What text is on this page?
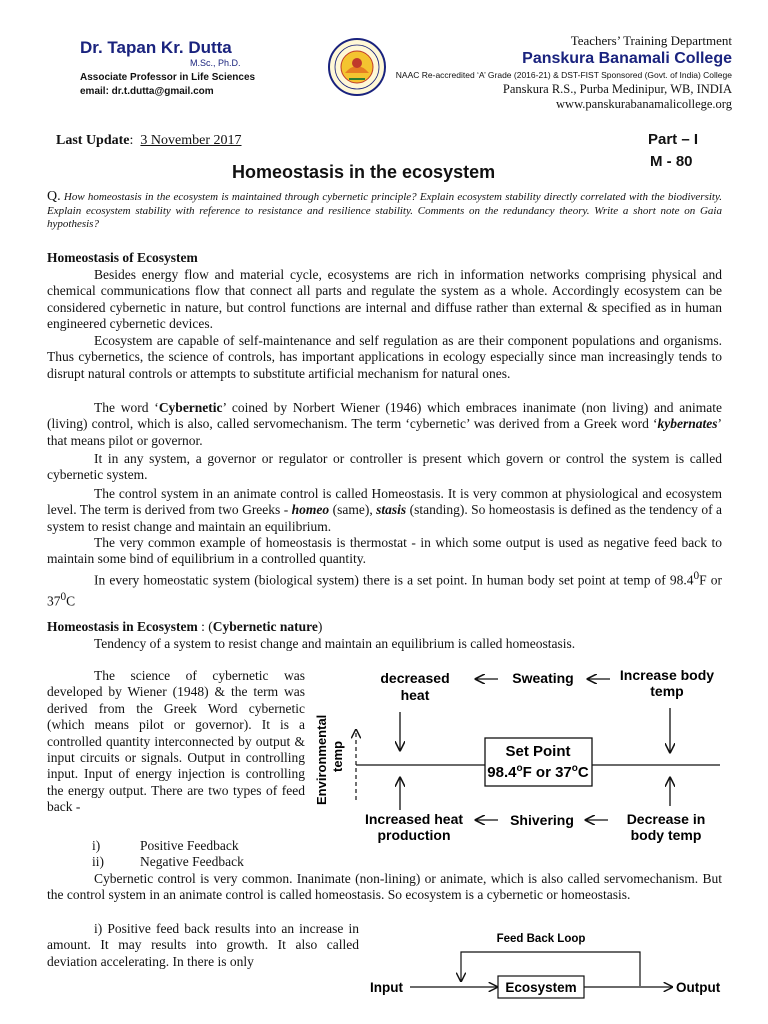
Dr. Tapan Kr. Dutta
M.Sc., Ph.D.
Associate Professor in Life Sciences
email: dr.t.dutta@gmail.com
Teachers’ Training Department
Panskura Banamali College
NAAC Re-accredited ‘A’ Grade (2016-21) & DST-FIST Sponsored (Govt. of India) College
Panskura R.S., Purba Medinipur, WB, INDIA
www.panskurabanamalicollege.org
Last Update: 3 November 2017	Part – I
M - 80
Homeostasis in the ecosystem
Q. How homeostasis in the ecosystem is maintained through cybernetic principle? Explain ecosystem stability directly correlated with the biodiversity. Explain ecosystem stability with reference to resistance and resilience stability. Comments on the redundancy theory. Write a short note on Gaia hypothesis?
Homeostasis of Ecosystem
Besides energy flow and material cycle, ecosystems are rich in information networks comprising physical and chemical communications flow that connect all parts and regulate the system as a whole. Accordingly ecosystem can be considered cybernetic in nature, but control functions are internal and diffuse rather than external & specified as in human engineered cybernetic devices.
Ecosystem are capable of self-maintenance and self regulation as are their component populations and organisms. Thus cybernetics, the science of controls, has important applications in ecology especially since man increasingly tends to disrupt natural controls or attempts to substitute artificial mechanism for natural ones.
The word ‘Cybernetic’ coined by Norbert Wiener (1946) which embraces inanimate (non living) and animate (living) control, which is also, called servomechanism. The term ‘cybernetic’ was derived from a Greek word ‘kybernates’ that means pilot or governor.
It in any system, a governor or regulator or controller is present which govern or control the system is called cybernetic system.
The control system in an animate control is called Homeostasis. It is very common at physiological and ecosystem level. The term is derived from two Greeks - homeo (same), stasis (standing). So homeostasis is defined as the tendency of a system to resist change and maintain an equilibrium.
The very common example of homeostasis is thermostat - in which some output is used as negative feed back to maintain some bind of equilibrium in a controlled quantity.
In every homeostatic system (biological system) there is a set point. In human body set point at temp of 98.4$^0$F or $37^0C$
Homeostasis in Ecosystem : (Cybernetic nature)
Tendency of a system to resist change and maintain an equilibrium is called homeostasis.
The science of cybernetic was developed by Wiener (1948) & the term was derived from the Greek Word cybernetic (which means pilot or governor). It is a controlled quantity interconnected by output & input circuits or signals. Output in controlling input. Input of energy injection is controlling the energy output. There are two types of feed back -
i)	Positive Feedback
ii)	Negative Feedback
Cybernetic control is very common. Inanimate (non-lining) or animate, which is also called servomechanism. But the control system in an animate control is called homeostasis. So ecosystem is a cybernetic or homeostasis.
i) Positive feed back results into an increase in amount. It may results into growth. It also called deviation accelerating. In there is only
decreased
heat
Sweating	Increase body
temp
Environmental temp	Set Point
98.4$^o$F or 37$^o$C
Increased heat
production
Shivering	Decrease in
body temp
Feed Back Loop
Input	Ecosystem	Output
